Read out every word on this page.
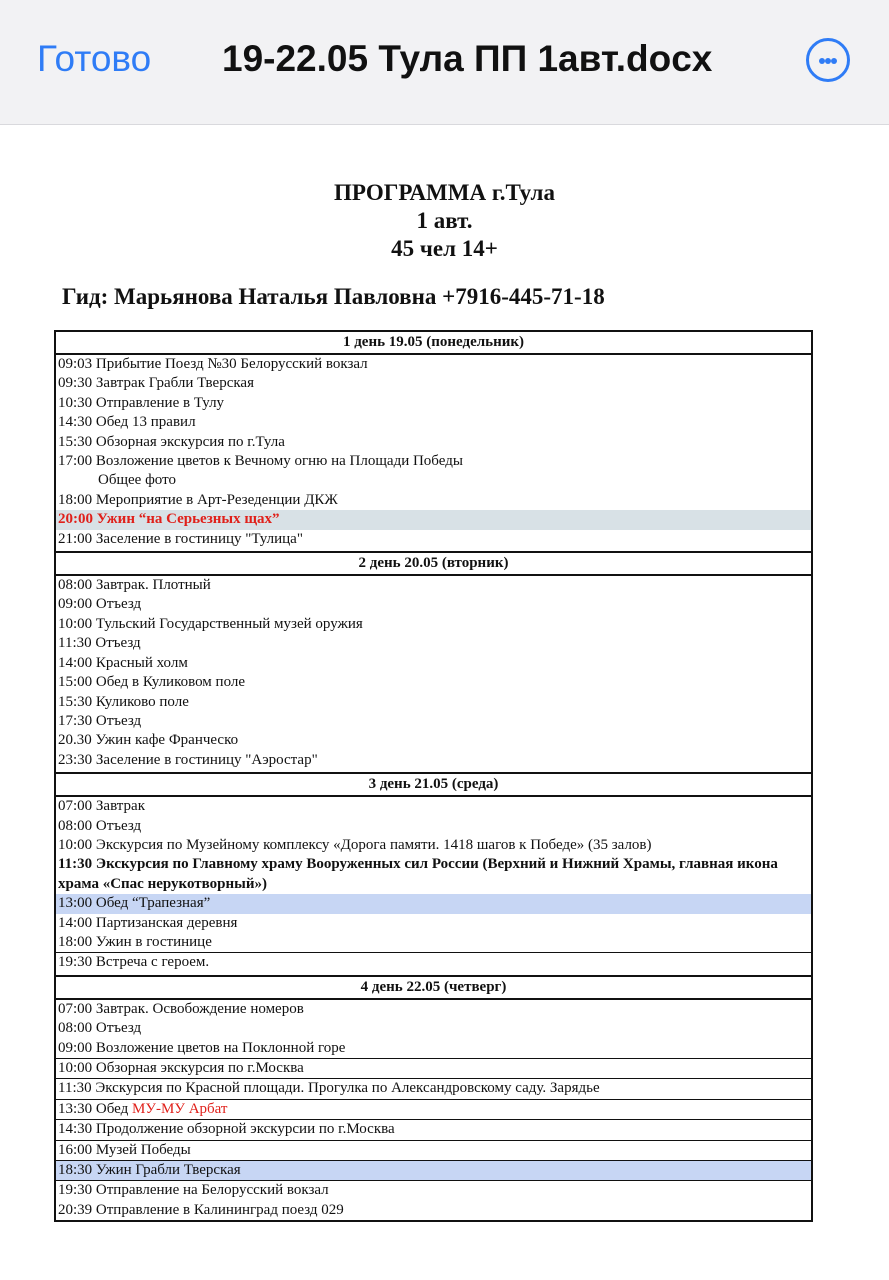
Готово 19-22.05 Тула ПП 1авт.docx
ПРОГРАММА г.Тула
1 авт.
45 чел 14+
Гид: Марьянова Наталья Павловна +7916-445-71-18
1 день 19.05 (понедельник)
09:03 Прибытие Поезд №30 Белорусский вокзал
09:30 Завтрак Грабли Тверская
10:30 Отправление в Тулу
14:30 Обед 13 правил
15:30 Обзорная экскурсия по г.Тула
17:00 Возложение цветов к Вечному огню на Площади Победы
Общее фото
18:00 Мероприятие в Арт-Резеденции ДКЖ
20:00 Ужин “на Серьезных щах”
21:00 Заселение в гостиницу "Тулица"
2 день 20.05 (вторник)
08:00 Завтрак. Плотный
09:00 Отъезд
10:00 Тульский Государственный музей оружия
11:30 Отъезд
14:00 Красный холм
15:00 Обед в Куликовом поле
15:30 Куликово поле
17:30 Отъезд
20.30 Ужин кафе Франческо
23:30 Заселение в гостиницу "Аэростар"
3 день 21.05 (среда)
07:00 Завтрак
08:00 Отъезд
10:00 Экскурсия по Музейному комплексу «Дорога памяти. 1418 шагов к Победе» (35 залов)
11:30 Экскурсия по Главному храму Вооруженных сил России (Верхний и Нижний Храмы, главная икона храма «Спас нерукотворный»)
13:00 Обед “Трапезная”
14:00 Партизанская деревня
18:00 Ужин в гостинице
19:30 Встреча с героем.
4 день 22.05 (четверг)
07:00 Завтрак. Освобождение номеров
08:00 Отъезд
09:00 Возложение цветов на Поклонной горе
10:00 Обзорная экскурсия по г.Москва
11:30 Экскурсия по Красной площади. Прогулка по Александровскому саду. Зарядье
13:30 Обед МУ-МУ Арбат
14:30 Продолжение обзорной экскурсии по г.Москва
16:00 Музей Победы
18:30 Ужин Грабли Тверская
19:30 Отправление на Белорусский вокзал
20:39 Отправление в Калининград поезд 029
